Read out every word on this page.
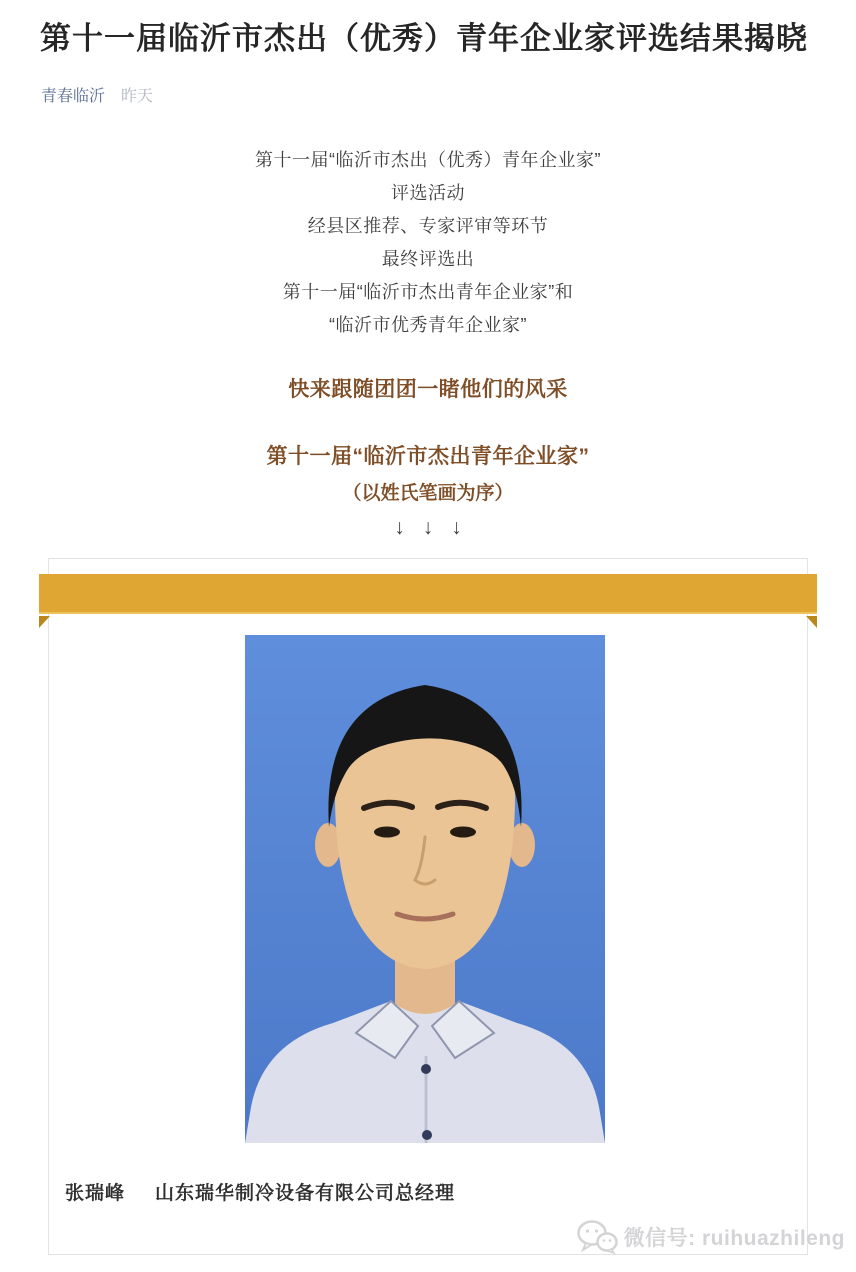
第十一届临沂市杰出（优秀）青年企业家评选结果揭晓
青春临沂 昨天
第十一届“临沂市杰出（优秀）青年企业家”
评选活动
经县区推荐、专家评审等环节
最终评选出
第十一届“临沂市杰出青年企业家”和
“临沂市优秀青年企业家”
快来跟随团团一睹他们的风采
第十一届“临沂市杰出青年企业家”
（以姓氏笔画为序）
↓↓↓
张瑞峰 山东瑞华制冷设备有限公司总经理
微信号: ruihuazhileng
